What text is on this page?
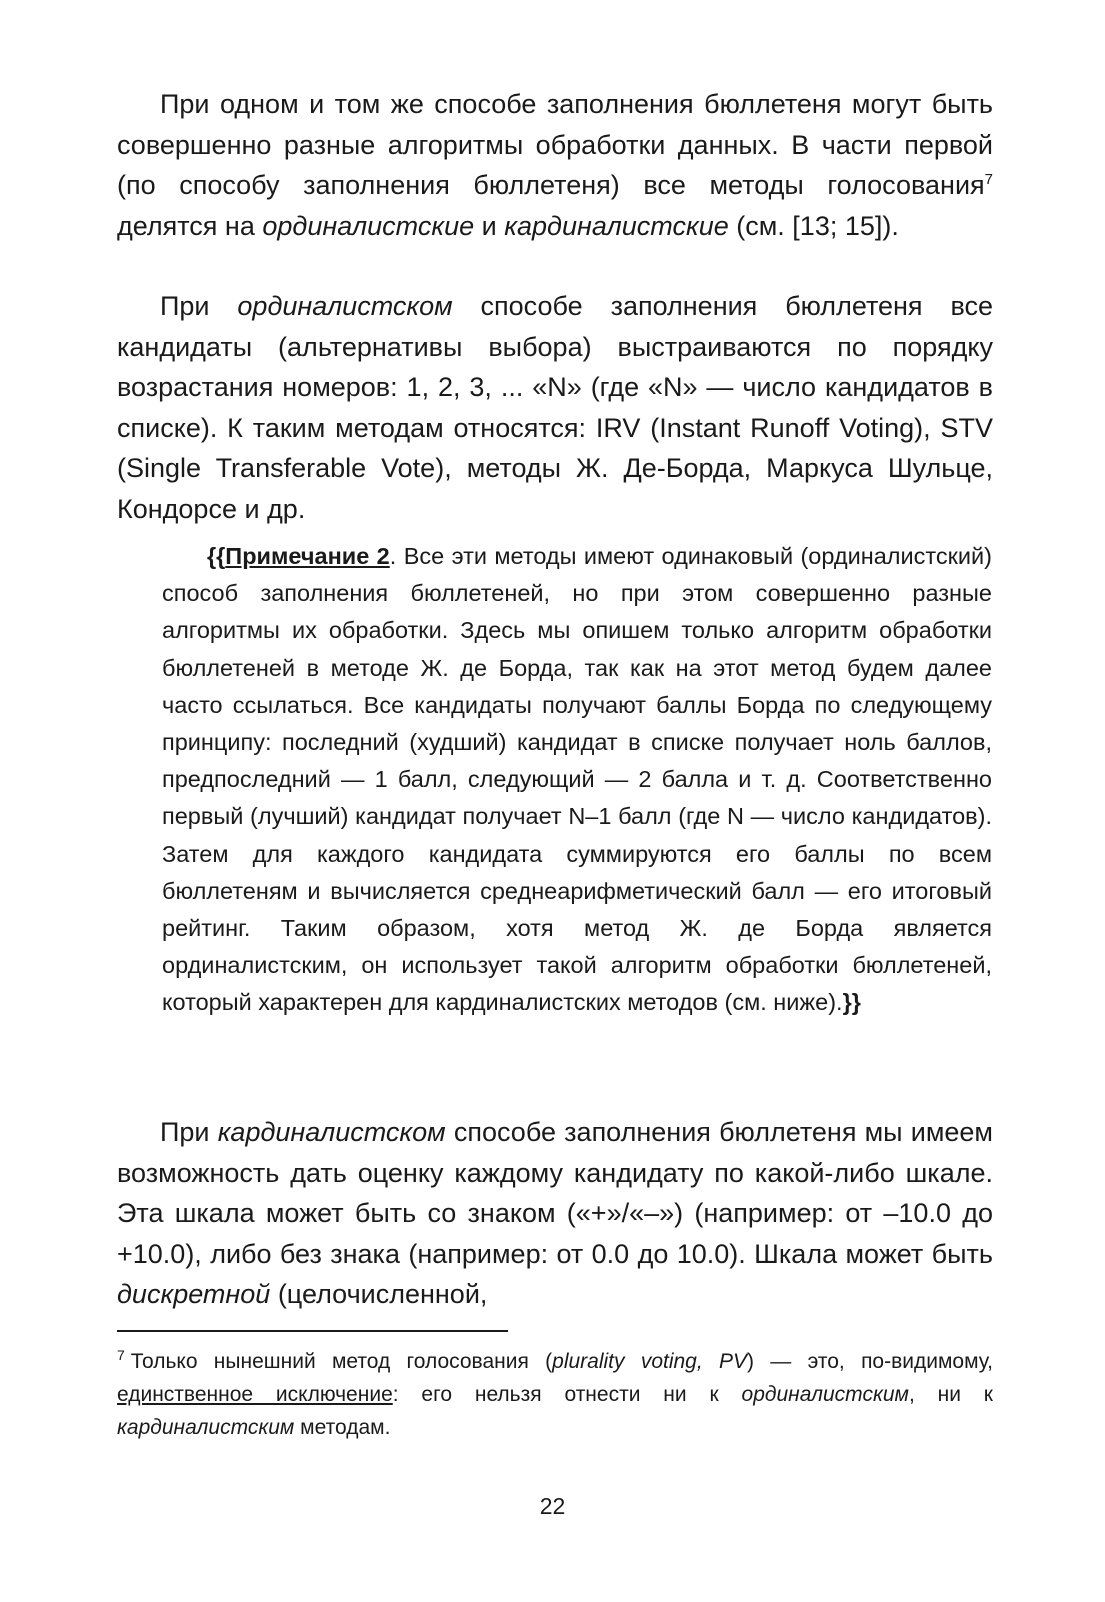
При одном и том же способе заполнения бюллетеня могут быть совершенно разные алгоритмы обработки данных. В части первой (по способу заполнения бюллетеня) все методы голосования$^7$ делятся на ординалистские и кардиналистские (см. [13; 15]).

При ординалистском способе заполнения бюллетеня все кандидаты (альтернативы выбора) выстраиваются по порядку возрастания номеров: 1, 2, 3, ... «N» (где «N» — число кандидатов в списке). К таким методам относятся: IRV (Instant Runoff Voting), STV (Single Transferable Vote), методы Ж. Де-Борда, Маркуса Шульце, Кондорсе и др.

{{Примечание 2. Все эти методы имеют одинаковый (ординалистский) способ заполнения бюллетеней, но при этом совершенно разные алгоритмы их обработки. Здесь мы опишем только алгоритм обработки бюллетеней в методе Ж. де Борда, так как на этот метод будем далее часто ссылаться. Все кандидаты получают баллы Борда по следующему принципу: последний (худший) кандидат в списке получает ноль баллов, предпоследний — 1 балл, следующий — 2 балла и т. д. Соответственно первый (лучший) кандидат получает N–1 балл (где N — число кандидатов). Затем для каждого кандидата суммируются его баллы по всем бюллетеням и вычисляется среднеарифметический балл — его итоговый рейтинг. Таким образом, хотя метод Ж. де Борда является ординалистским, он использует такой алгоритм обработки бюллетеней, который характерен для кардиналистских методов (см. ниже).}}

При кардиналистском способе заполнения бюллетеня мы имеем возможность дать оценку каждому кандидату по какой-либо шкале. Эта шкала может быть со знаком («+»/«–») (например: от –10.0 до +10.0), либо без знака (например: от 0.0 до 10.0). Шкала может быть дискретной (целочисленной,

$^7$ Только нынешний метод голосования (plurality voting, PV) — это, по-видимому, единственное исключение: его нельзя отнести ни к ординалистским, ни к кардиналистским методам.

22
